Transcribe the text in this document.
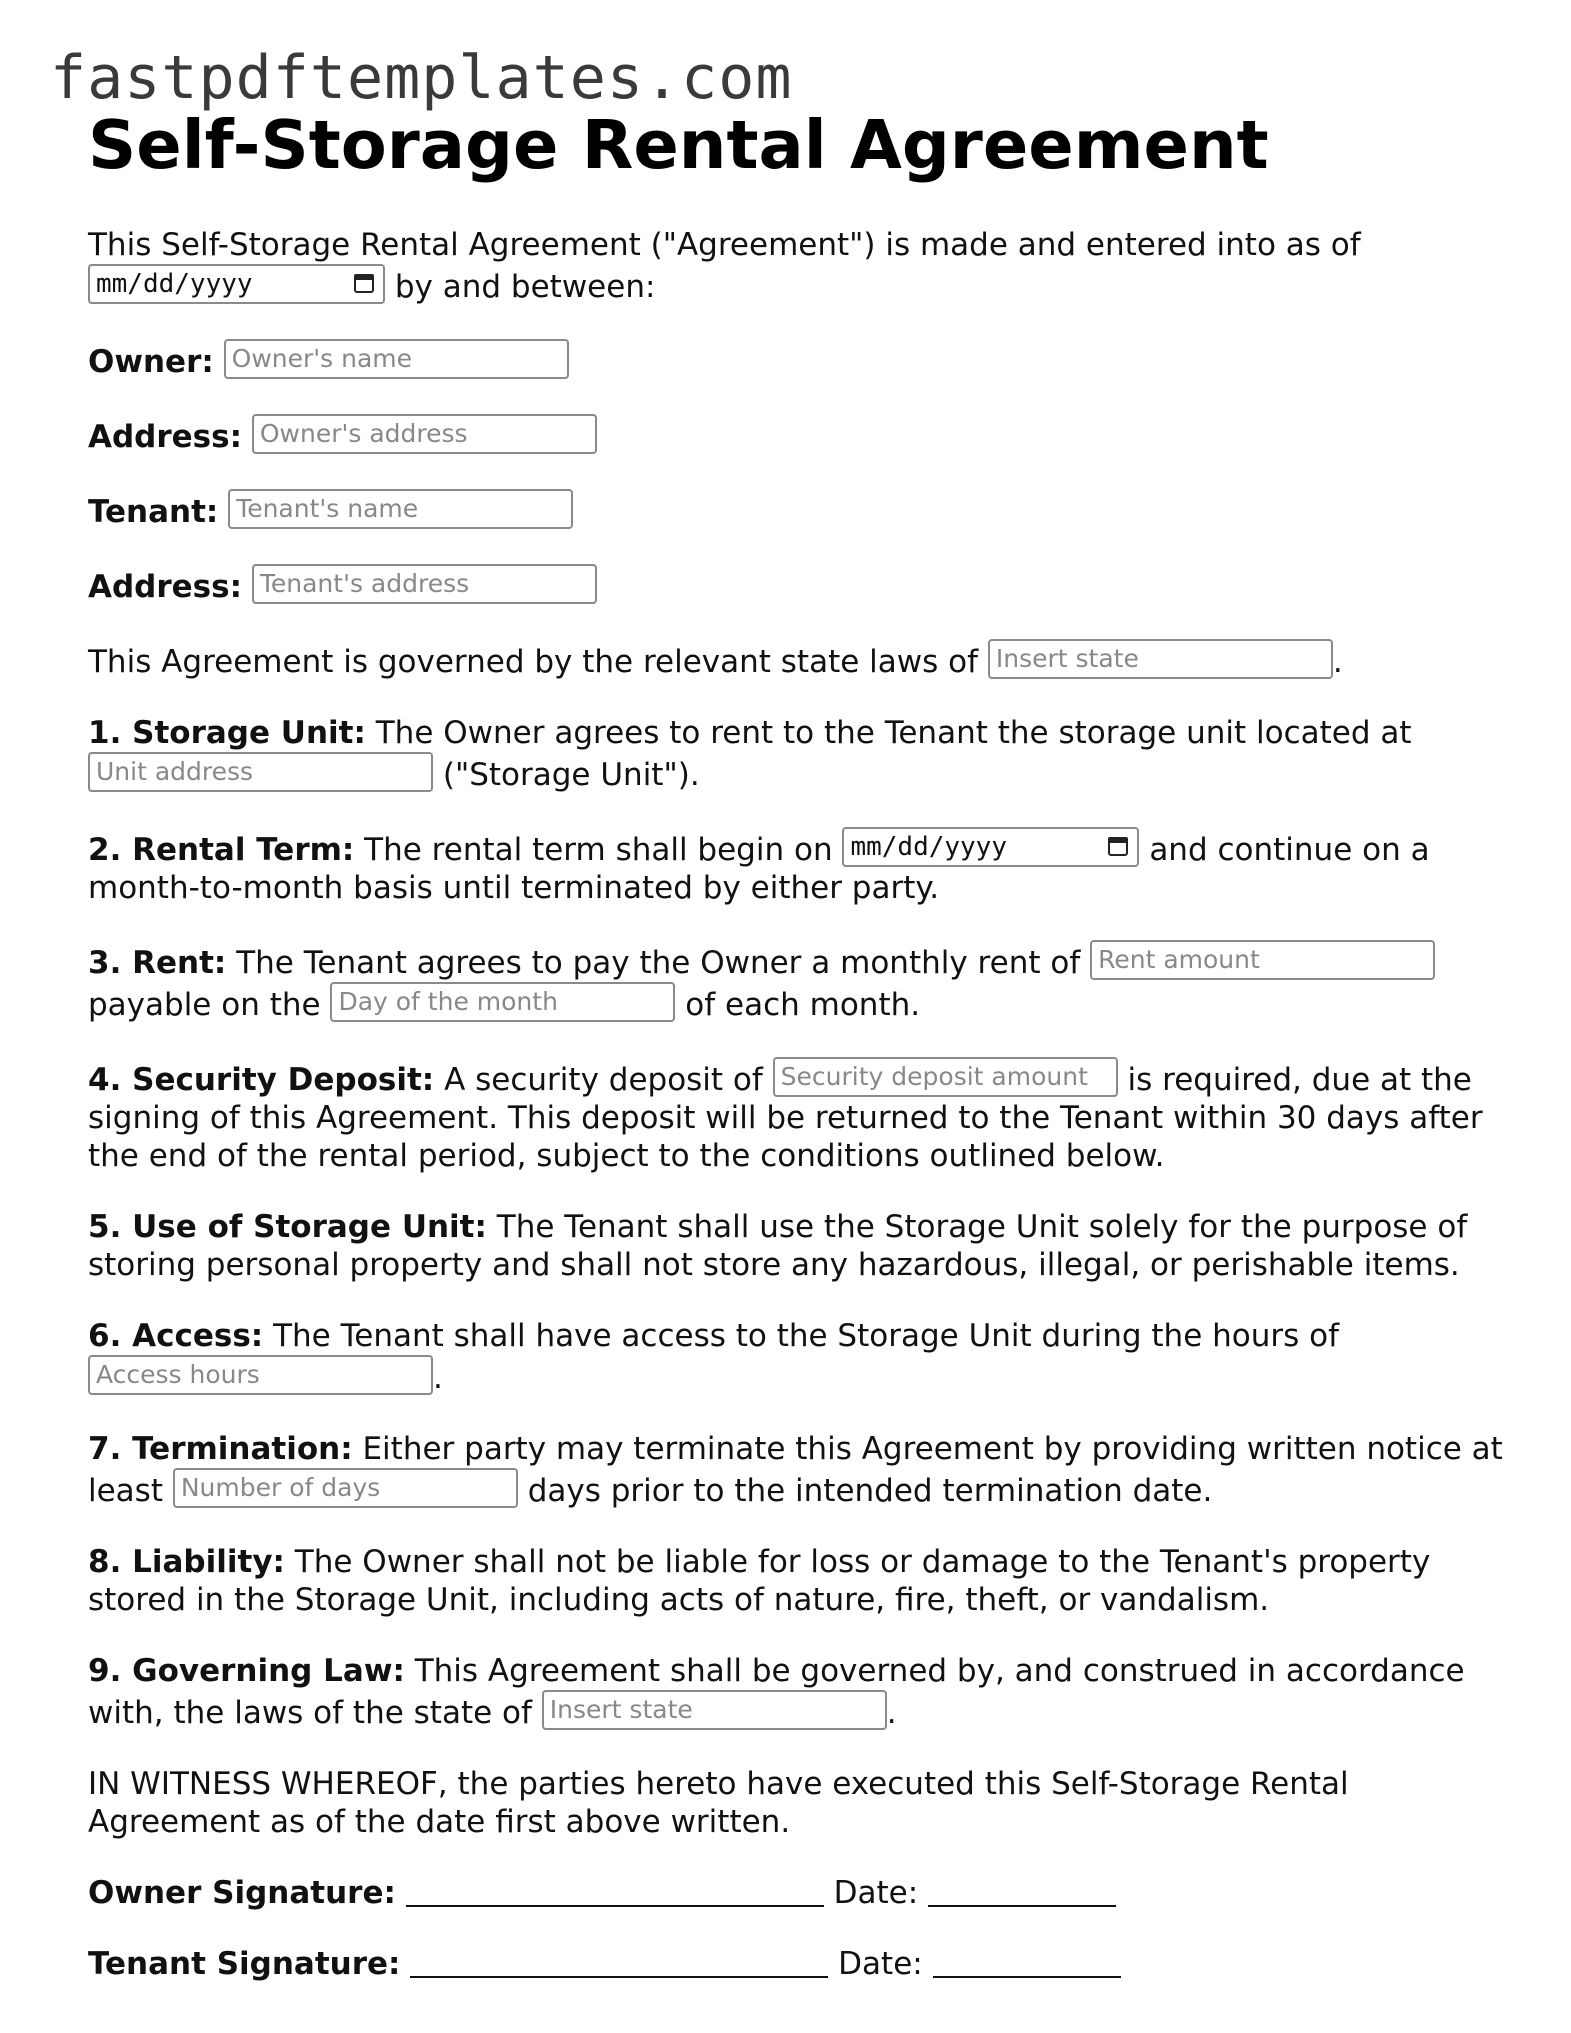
fastpdftemplates.com
Self-Storage Rental Agreement

This Self-Storage Rental Agreement ("Agreement") is made and entered into as of
mm/dd/yyyy	by and between:

Owner: Owner's name

Address: Owner's address

Tenant: Tenant's name

Address: Tenant's address

This Agreement is governed by the relevant state laws of Insert state	.

1. Storage Unit: The Owner agrees to rent to the Tenant the storage unit located at
Unit address	("Storage Unit").

2. Rental Term: The rental term shall begin on mm/dd/yyyy	and continue on a month-to-month basis until terminated by either party.

3. Rent: The Tenant agrees to pay the Owner a monthly rent of Rent amount
payable on the Day of the month	of each month.

4. Security Deposit: A security deposit of Security deposit amount is required, due at the signing of this Agreement. This deposit will be returned to the Tenant within 30 days after the end of the rental period, subject to the conditions outlined below.

5. Use of Storage Unit: The Tenant shall use the Storage Unit solely for the purpose of storing personal property and shall not store any hazardous, illegal, or perishable items.

6. Access: The Tenant shall have access to the Storage Unit during the hours of
Access hours	.

7. Termination: Either party may terminate this Agreement by providing written notice at least Number of days	days prior to the intended termination date.

8. Liability: The Owner shall not be liable for loss or damage to the Tenant's property stored in the Storage Unit, including acts of nature, fire, theft, or vandalism.

9. Governing Law: This Agreement shall be governed by, and construed in accordance with, the laws of the state of Insert state	.

IN WITNESS WHEREOF, the parties hereto have executed this Self-Storage Rental Agreement as of the date first above written.

Owner Signature:	Date:

Tenant Signature:	Date:
